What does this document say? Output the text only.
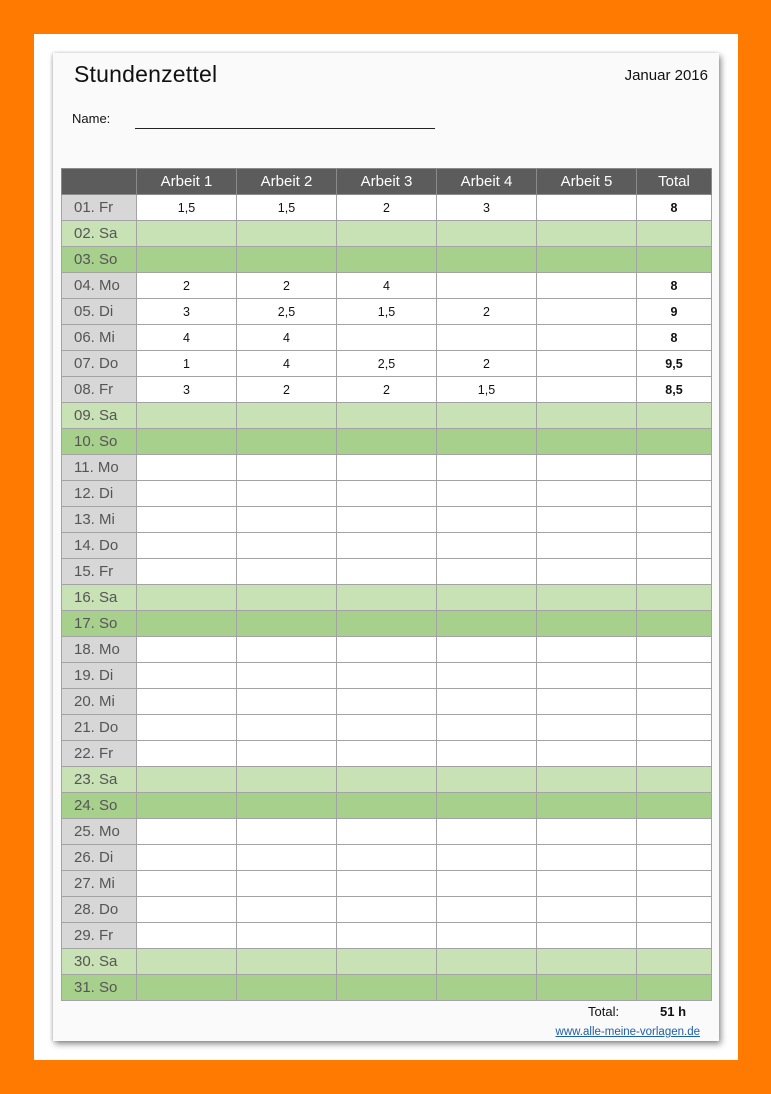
Stundenzettel	Januar 2016
Name:
	Arbeit 1	Arbeit 2	Arbeit 3	Arbeit 4	Arbeit 5	Total
01. Fr	1,5	1,5	2	3		8
02. Sa						
03. So						
04. Mo	2	2	4			8
05. Di	3	2,5	1,5	2		9
06. Mi	4	4				8
07. Do	1	4	2,5	2		9,5
08. Fr	3	2	2	1,5		8,5
09. Sa						
10. So						
11. Mo						
12. Di						
13. Mi						
14. Do						
15. Fr						
16. Sa						
17. So						
18. Mo						
19. Di						
20. Mi						
21. Do						
22. Fr						
23. Sa						
24. So						
25. Mo						
26. Di						
27. Mi						
28. Do						
29. Fr						
30. Sa						
31. So						
Total:	51 h
www.alle-meine-vorlagen.de
